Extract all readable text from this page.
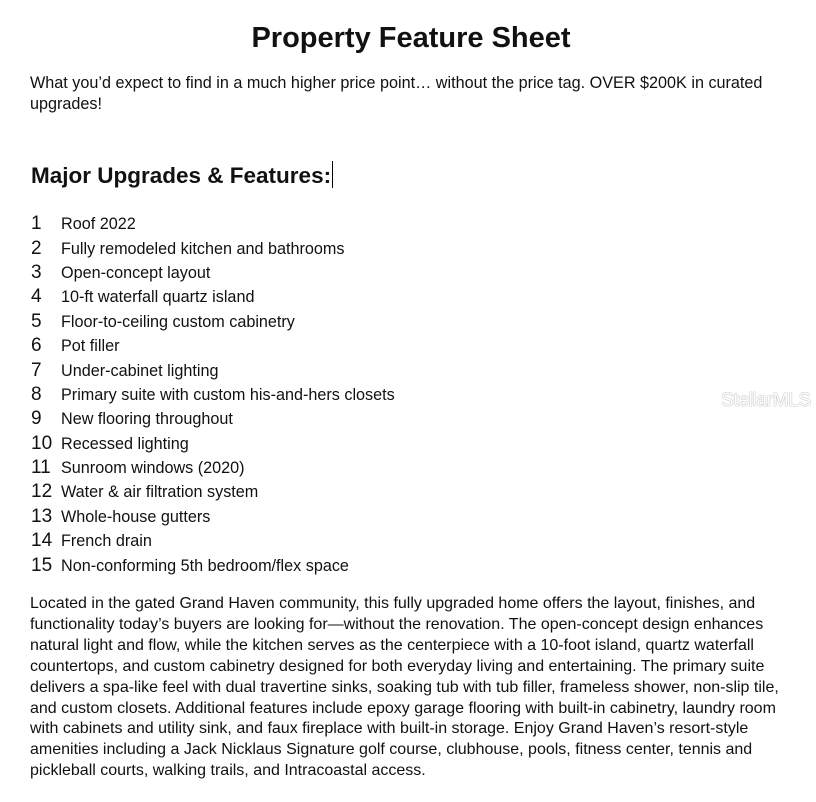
Property Feature Sheet

What you’d expect to find in a much higher price point… without the price tag. OVER $200K in curated upgrades!

Major Upgrades & Features:
1	Roof 2022
2	Fully remodeled kitchen and bathrooms
3	Open-concept layout
4	10-ft waterfall quartz island
5	Floor-to-ceiling custom cabinetry
6	Pot filler
7	Under-cabinet lighting
8	Primary suite with custom his-and-hers closets
9	New flooring throughout
10 Recessed lighting
11 Sunroom windows (2020)
12 Water & air filtration system
13 Whole-house gutters
14 French drain
15 Non-conforming 5th bedroom/flex space

Located in the gated Grand Haven community, this fully upgraded home offers the layout, finishes, and functionality today’s buyers are looking for—without the renovation. The open-concept design enhances natural light and flow, while the kitchen serves as the centerpiece with a 10-foot island, quartz waterfall countertops, and custom cabinetry designed for both everyday living and entertaining. The primary suite delivers a spa-like feel with dual travertine sinks, soaking tub with tub filler, frameless shower, non-slip tile, and custom closets. Additional features include epoxy garage flooring with built-in cabinetry, laundry room with cabinets and utility sink, and faux fireplace with built-in storage. Enjoy Grand Haven’s resort-style amenities including a Jack Nicklaus Signature golf course, clubhouse, pools, fitness center, tennis and pickleball courts, walking trails, and Intracoastal access.

StellarMLS
